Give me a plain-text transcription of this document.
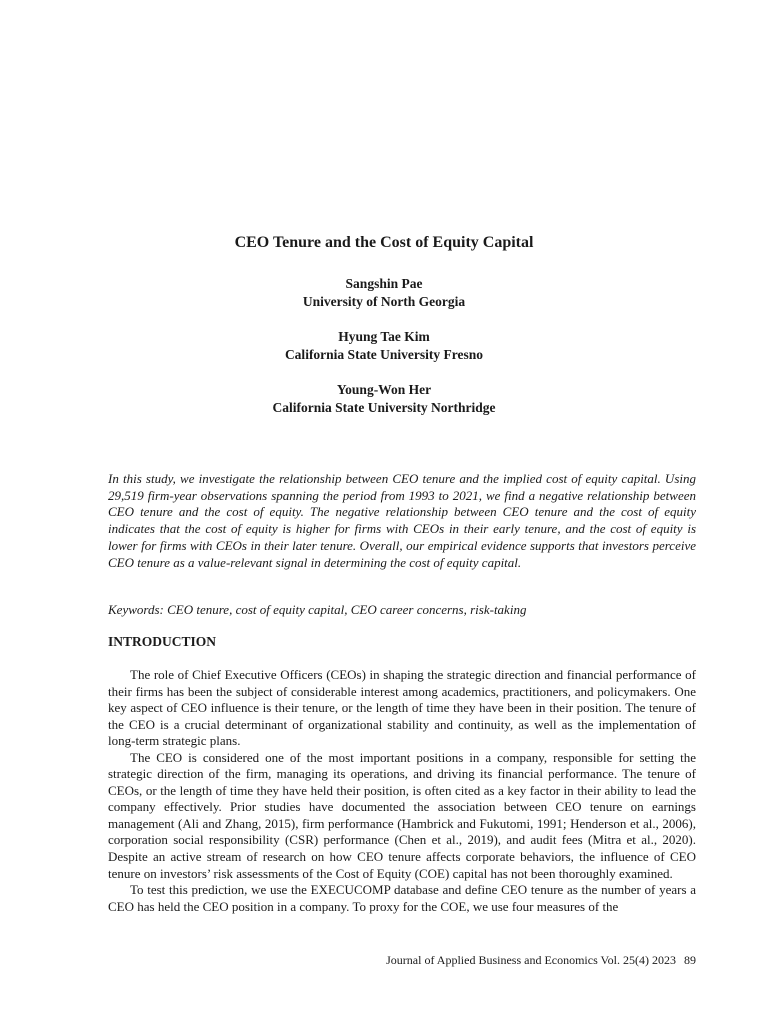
CEO Tenure and the Cost of Equity Capital
Sangshin Pae
University of North Georgia
Hyung Tae Kim
California State University Fresno
Young-Won Her
California State University Northridge

In this study, we investigate the relationship between CEO tenure and the implied cost of equity capital. Using 29,519 firm-year observations spanning the period from 1993 to 2021, we find a negative relationship between CEO tenure and the cost of equity. The negative relationship between CEO tenure and the cost of equity indicates that the cost of equity is higher for firms with CEOs in their early tenure, and the cost of equity is lower for firms with CEOs in their later tenure. Overall, our empirical evidence supports that investors perceive CEO tenure as a value-relevant signal in determining the cost of equity capital.

Keywords: CEO tenure, cost of equity capital, CEO career concerns, risk-taking
INTRODUCTION

The role of Chief Executive Officers (CEOs) in shaping the strategic direction and financial performance of their firms has been the subject of considerable interest among academics, practitioners, and policymakers. One key aspect of CEO influence is their tenure, or the length of time they have been in their position. The tenure of the CEO is a crucial determinant of organizational stability and continuity, as well as the implementation of long-term strategic plans.

The CEO is considered one of the most important positions in a company, responsible for setting the strategic direction of the firm, managing its operations, and driving its financial performance. The tenure of CEOs, or the length of time they have held their position, is often cited as a key factor in their ability to lead the company effectively. Prior studies have documented the association between CEO tenure on earnings management (Ali and Zhang, 2015), firm performance (Hambrick and Fukutomi, 1991; Henderson et al., 2006), corporation social responsibility (CSR) performance (Chen et al., 2019), and audit fees (Mitra et al., 2020). Despite an active stream of research on how CEO tenure affects corporate behaviors, the influence of CEO tenure on investors’ risk assessments of the Cost of Equity (COE) capital has not been thoroughly examined.

To test this prediction, we use the EXECUCOMP database and define CEO tenure as the number of years a CEO has held the CEO position in a company. To proxy for the COE, we use four measures of the

Journal of Applied Business and Economics Vol. 25(4) 2023 89
